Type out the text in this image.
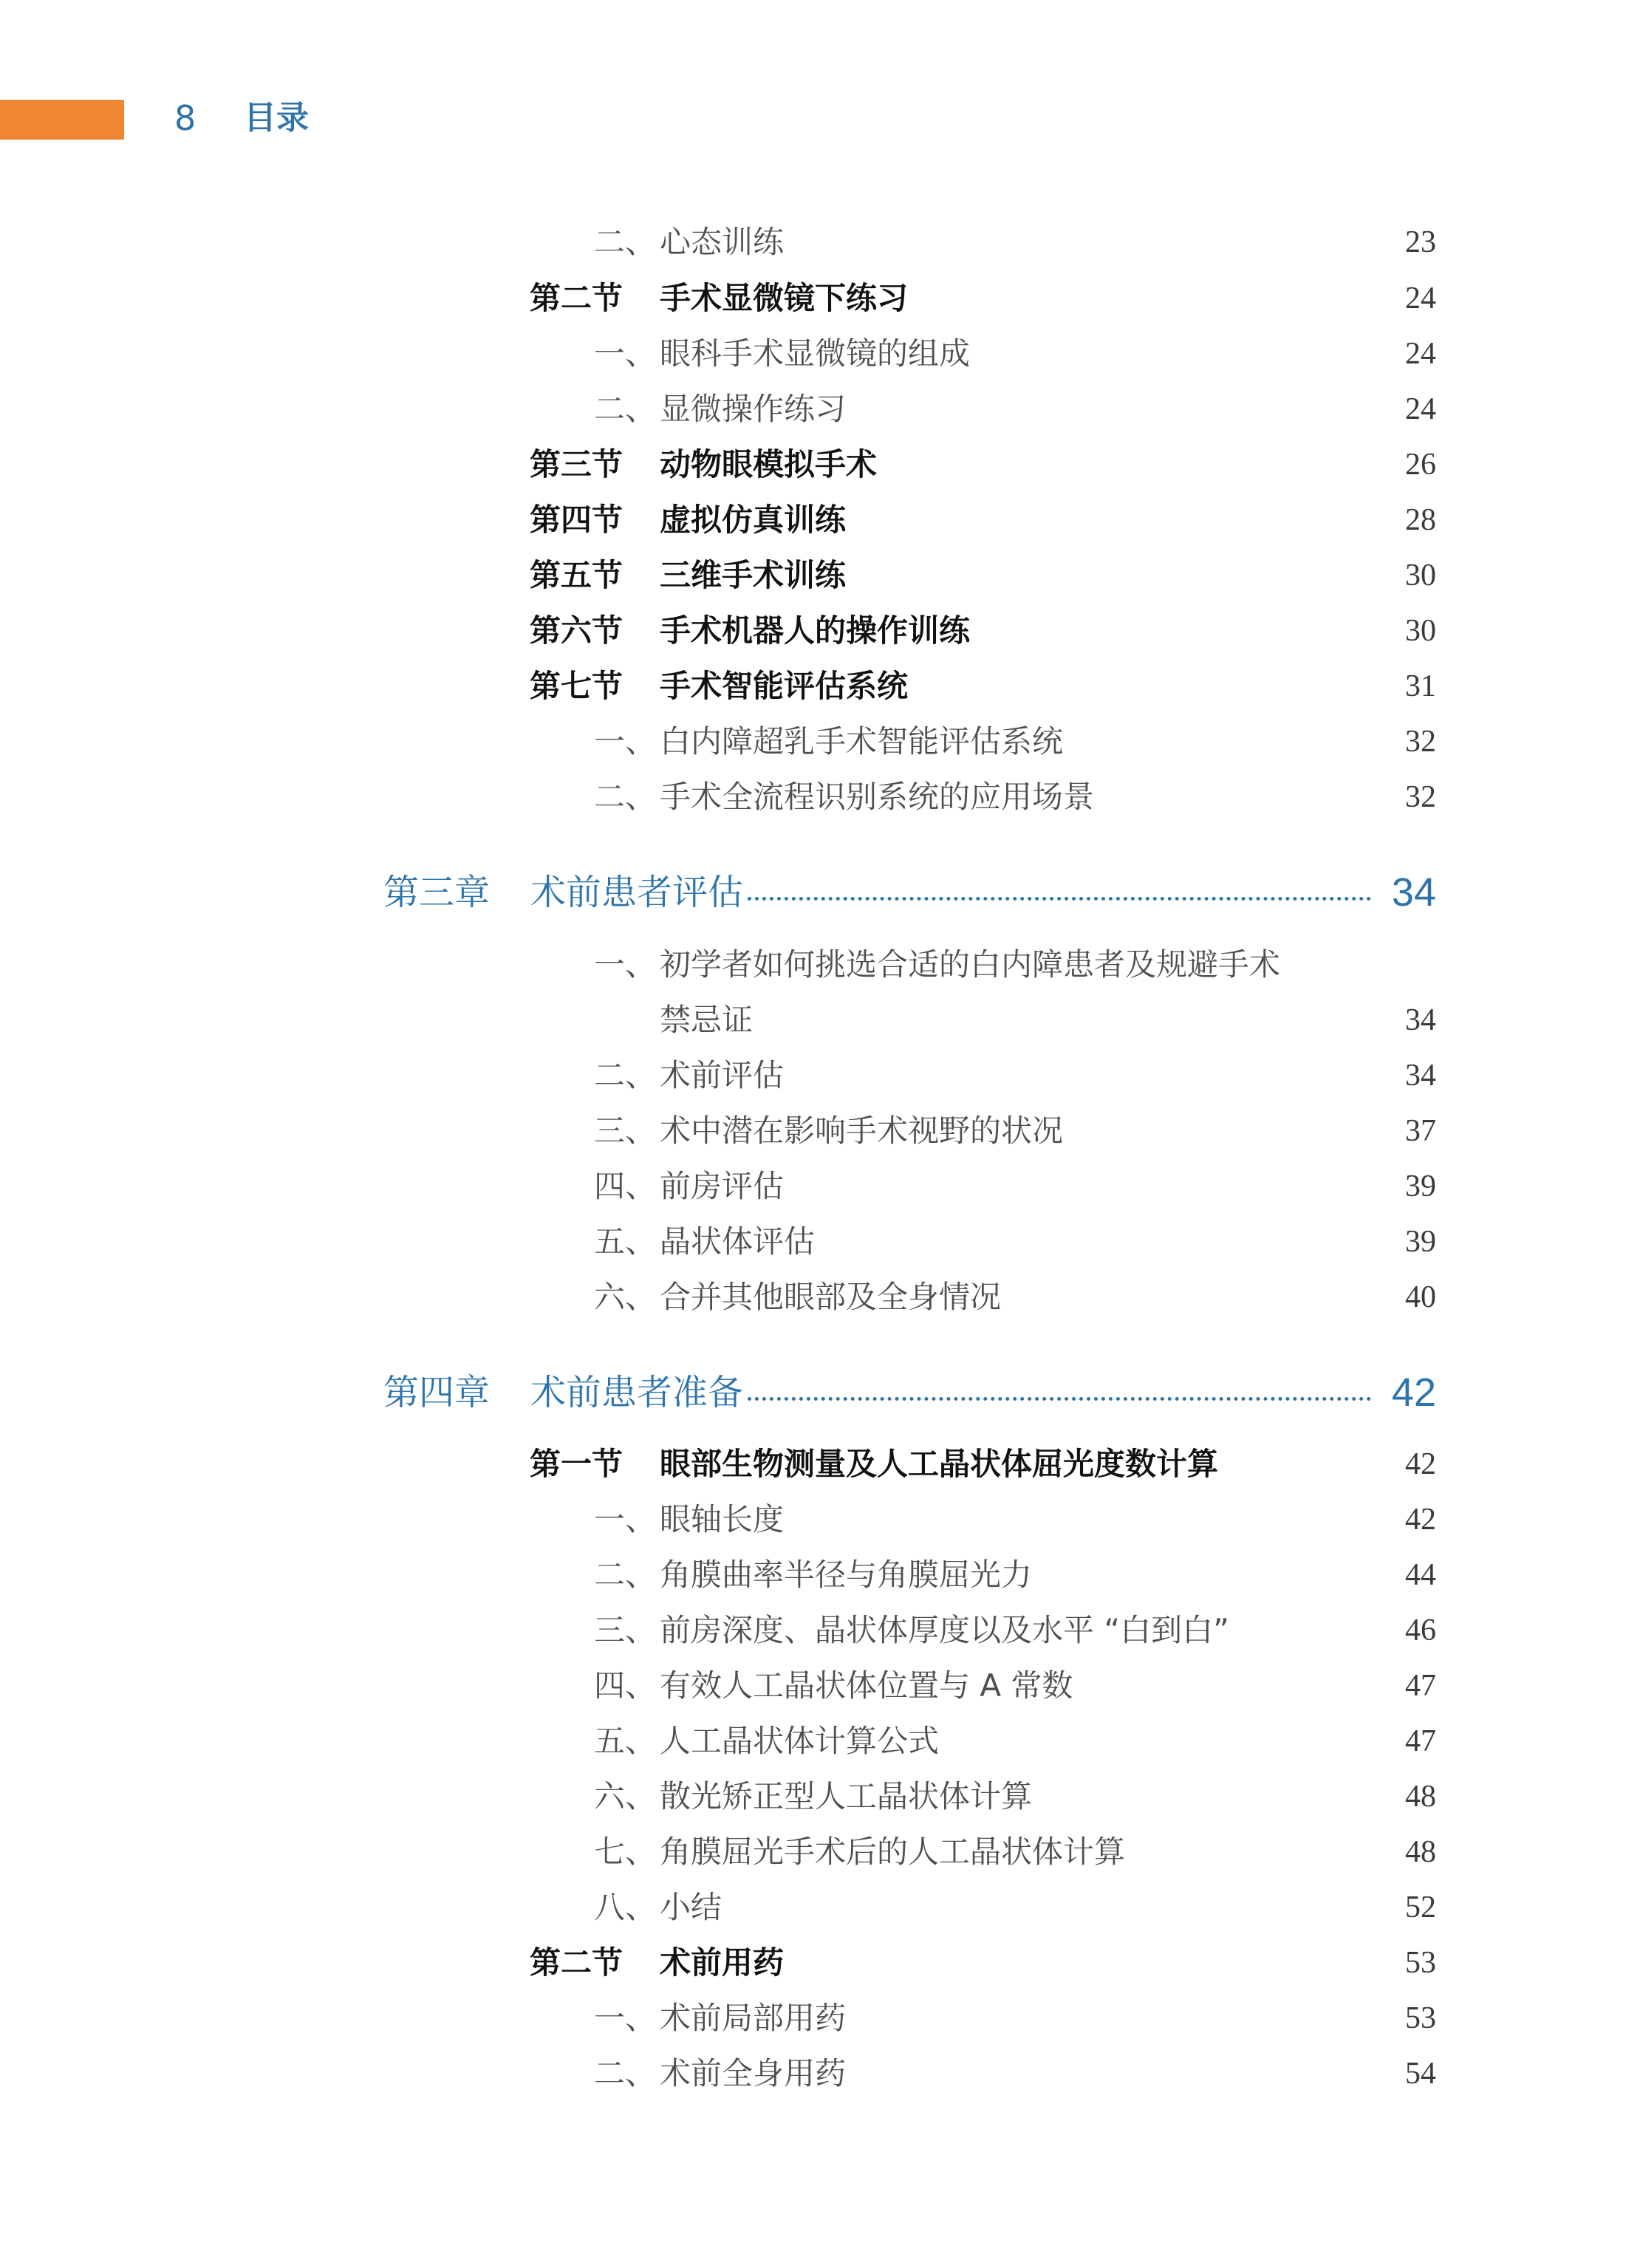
8 目录
二、 心态训练	23
第二节 手术显微镜下练习	24
一、 眼科手术显微镜的组成	24
二、 显微操作练习	24
第三节 动物眼模拟手术	26
第四节 虚拟仿真训练	28
第五节 三维手术训练	30
第六节 手术机器人的操作训练	30
第七节 手术智能评估系统	31
一、 白内障超乳手术智能评估系统	32
二、 手术全流程识别系统的应用场景	32
第三章 术前患者评估	34
一、 初学者如何挑选合适的白内障患者及规避手术
禁忌证	34
二、 术前评估	34
三、 术中潜在影响手术视野的状况	37
四、 前房评估	39
五、 晶状体评估	39
六、 合并其他眼部及全身情况	40
第四章 术前患者准备	42
第一节 眼部生物测量及人工晶状体屈光度数计算	42
一、 眼轴长度	42
二、 角膜曲率半径与角膜屈光力	44
三、 前房深度、晶状体厚度以及水平 “白到白”	46
四、 有效人工晶状体位置与 A 常数	47
五、 人工晶状体计算公式	47
六、 散光矫正型人工晶状体计算	48
七、 角膜屈光手术后的人工晶状体计算	48
八、 小结	52
第二节 术前用药	53
一、 术前局部用药	53
二、 术前全身用药	54
